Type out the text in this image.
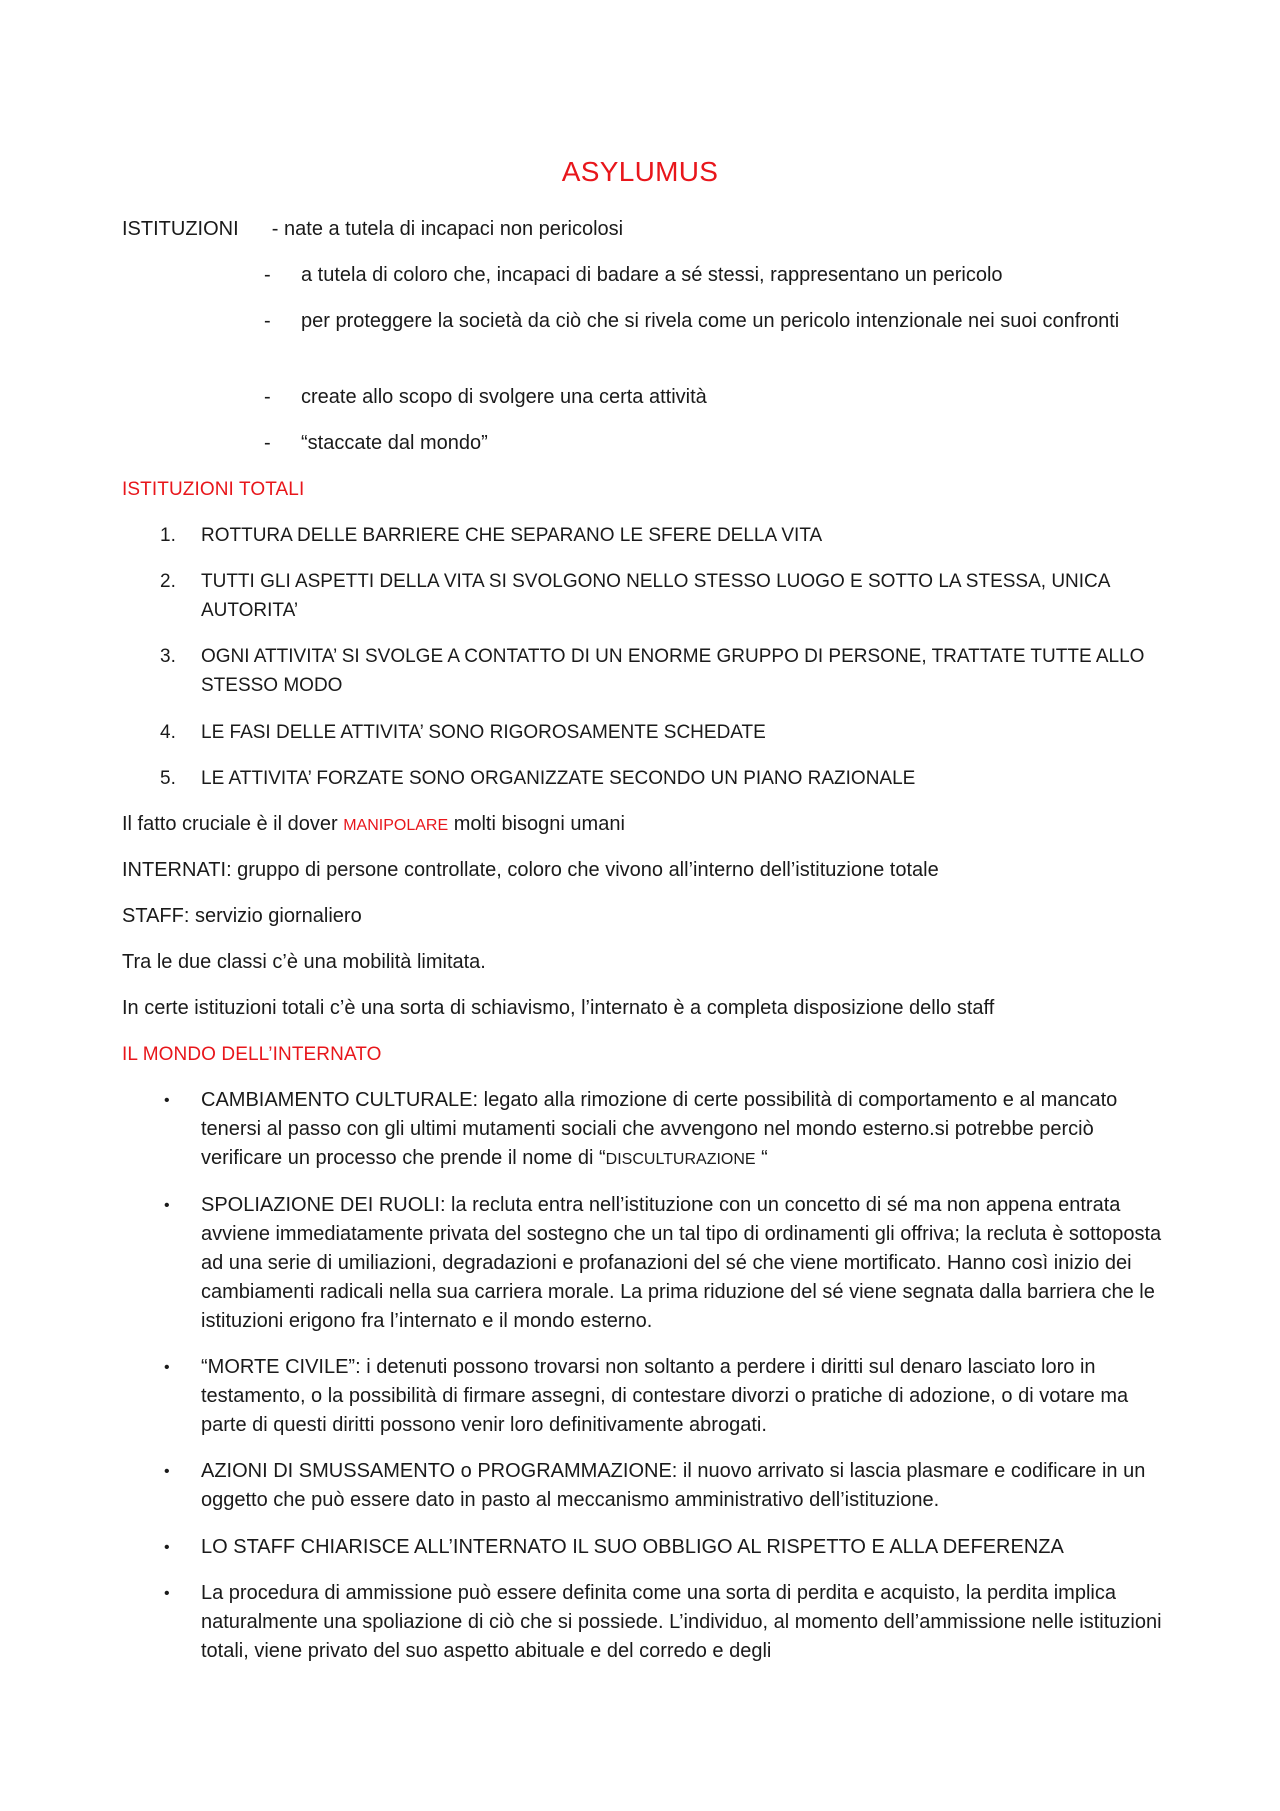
ASYLUMUS
ISTITUZIONI - nate a tutela di incapaci non pericolosi
- a tutela di coloro che, incapaci di badare a sé stessi, rappresentano un pericolo
- per proteggere la società da ciò che si rivela come un pericolo intenzionale nei suoi confronti
- create allo scopo di svolgere una certa attività
- “staccate dal mondo”
ISTITUZIONI TOTALI
1. ROTTURA DELLE BARRIERE CHE SEPARANO LE SFERE DELLA VITA
2. TUTTI GLI ASPETTI DELLA VITA SI SVOLGONO NELLO STESSO LUOGO E SOTTO LA STESSA, UNICA AUTORITA’
3. OGNI ATTIVITA’ SI SVOLGE A CONTATTO DI UN ENORME GRUPPO DI PERSONE, TRATTATE TUTTE ALLO STESSO MODO
4. LE FASI DELLE ATTIVITA’ SONO RIGOROSAMENTE SCHEDATE
5. LE ATTIVITA’ FORZATE SONO ORGANIZZATE SECONDO UN PIANO RAZIONALE
Il fatto cruciale è il dover MANIPOLARE molti bisogni umani
INTERNATI: gruppo di persone controllate, coloro che vivono all’interno dell’istituzione totale
STAFF: servizio giornaliero
Tra le due classi c’è una mobilità limitata.
In certe istituzioni totali c’è una sorta di schiavismo, l’internato è a completa disposizione dello staff
IL MONDO DELL’INTERNATO
• CAMBIAMENTO CULTURALE: legato alla rimozione di certe possibilità di comportamento e al mancato tenersi al passo con gli ultimi mutamenti sociali che avvengono nel mondo esterno.si potrebbe perciò verificare un processo che prende il nome di “DISCULTURAZIONE “
• SPOLIAZIONE DEI RUOLI: la recluta entra nell’istituzione con un concetto di sé ma non appena entrata avviene immediatamente privata del sostegno che un tal tipo di ordinamenti gli offriva; la recluta è sottoposta ad una serie di umiliazioni, degradazioni e profanazioni del sé che viene mortificato. Hanno così inizio dei cambiamenti radicali nella sua carriera morale. La prima riduzione del sé viene segnata dalla barriera che le istituzioni erigono fra l’internato e il mondo esterno.
• “MORTE CIVILE”: i detenuti possono trovarsi non soltanto a perdere i diritti sul denaro lasciato loro in testamento, o la possibilità di firmare assegni, di contestare divorzi o pratiche di adozione, o di votare ma parte di questi diritti possono venir loro definitivamente abrogati.
• AZIONI DI SMUSSAMENTO o PROGRAMMAZIONE: il nuovo arrivato si lascia plasmare e codificare in un oggetto che può essere dato in pasto al meccanismo amministrativo dell’istituzione.
• LO STAFF CHIARISCE ALL’INTERNATO IL SUO OBBLIGO AL RISPETTO E ALLA DEFERENZA
• La procedura di ammissione può essere definita come una sorta di perdita e acquisto, la perdita implica naturalmente una spoliazione di ciò che si possiede. L’individuo, al momento dell’ammissione nelle istituzioni totali, viene privato del suo aspetto abituale e del corredo e degli
